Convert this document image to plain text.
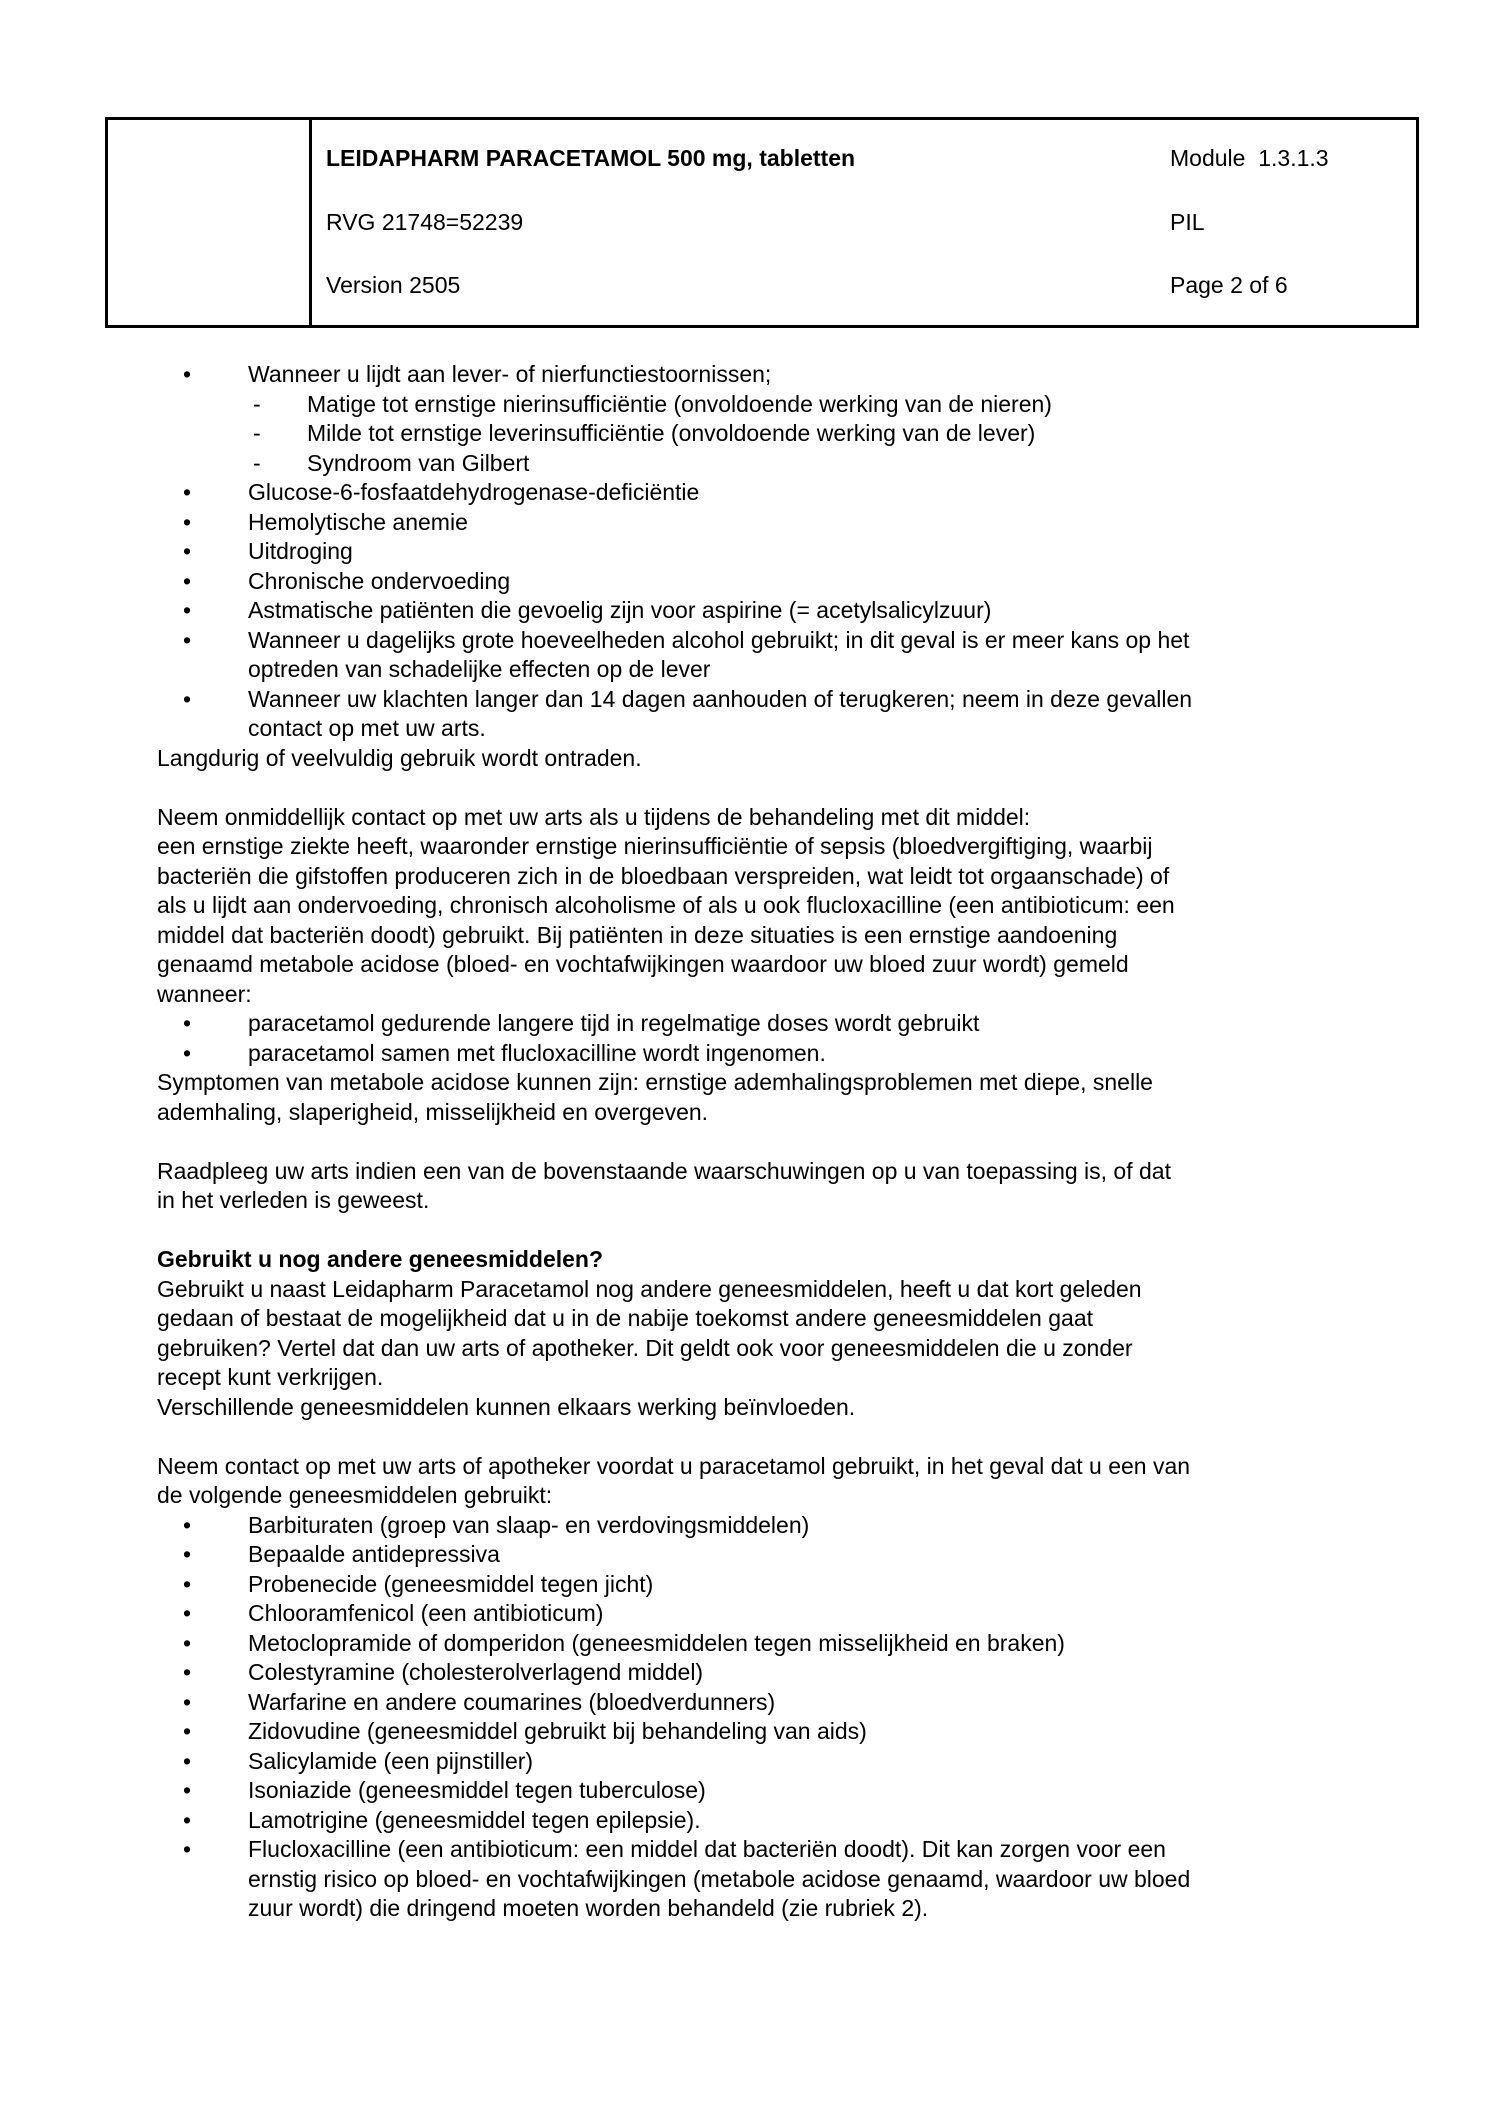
LEIDAPHARM PARACETAMOL 500 mg, tabletten	Module  1.3.1.3
RVG 21748=52239	PIL
Version 2505	Page 2 of 6
• Wanneer u lijdt aan lever- of nierfunctiestoornissen;
- Matige tot ernstige nierinsufficiëntie (onvoldoende werking van de nieren)
- Milde tot ernstige leverinsufficiëntie (onvoldoende werking van de lever)
- Syndroom van Gilbert
• Glucose-6-fosfaatdehydrogenase-deficiëntie
• Hemolytische anemie
• Uitdroging
• Chronische ondervoeding
• Astmatische patiënten die gevoelig zijn voor aspirine (= acetylsalicylzuur)
• Wanneer u dagelijks grote hoeveelheden alcohol gebruikt; in dit geval is er meer kans op het
optreden van schadelijke effecten op de lever
• Wanneer uw klachten langer dan 14 dagen aanhouden of terugkeren; neem in deze gevallen
contact op met uw arts.
Langdurig of veelvuldig gebruik wordt ontraden.
Neem onmiddellijk contact op met uw arts als u tijdens de behandeling met dit middel:
een ernstige ziekte heeft, waaronder ernstige nierinsufficiëntie of sepsis (bloedvergiftiging, waarbij
bacteriën die gifstoffen produceren zich in de bloedbaan verspreiden, wat leidt tot orgaanschade) of
als u lijdt aan ondervoeding, chronisch alcoholisme of als u ook flucloxacilline (een antibioticum: een
middel dat bacteriën doodt) gebruikt. Bij patiënten in deze situaties is een ernstige aandoening
genaamd metabole acidose (bloed- en vochtafwijkingen waardoor uw bloed zuur wordt) gemeld
wanneer:
• paracetamol gedurende langere tijd in regelmatige doses wordt gebruikt
• paracetamol samen met flucloxacilline wordt ingenomen.
Symptomen van metabole acidose kunnen zijn: ernstige ademhalingsproblemen met diepe, snelle
ademhaling, slaperigheid, misselijkheid en overgeven.
Raadpleeg uw arts indien een van de bovenstaande waarschuwingen op u van toepassing is, of dat
in het verleden is geweest.
Gebruikt u nog andere geneesmiddelen?
Gebruikt u naast Leidapharm Paracetamol nog andere geneesmiddelen, heeft u dat kort geleden
gedaan of bestaat de mogelijkheid dat u in de nabije toekomst andere geneesmiddelen gaat
gebruiken? Vertel dat dan uw arts of apotheker. Dit geldt ook voor geneesmiddelen die u zonder
recept kunt verkrijgen.
Verschillende geneesmiddelen kunnen elkaars werking beïnvloeden.
Neem contact op met uw arts of apotheker voordat u paracetamol gebruikt, in het geval dat u een van
de volgende geneesmiddelen gebruikt:
• Barbituraten (groep van slaap- en verdovingsmiddelen)
• Bepaalde antidepressiva
• Probenecide (geneesmiddel tegen jicht)
• Chlooramfenicol (een antibioticum)
• Metoclopramide of domperidon (geneesmiddelen tegen misselijkheid en braken)
• Colestyramine (cholesterolverlagend middel)
• Warfarine en andere coumarines (bloedverdunners)
• Zidovudine (geneesmiddel gebruikt bij behandeling van aids)
• Salicylamide (een pijnstiller)
• Isoniazide (geneesmiddel tegen tuberculose)
• Lamotrigine (geneesmiddel tegen epilepsie).
• Flucloxacilline (een antibioticum: een middel dat bacteriën doodt). Dit kan zorgen voor een
ernstig risico op bloed- en vochtafwijkingen (metabole acidose genaamd, waardoor uw bloed
zuur wordt) die dringend moeten worden behandeld (zie rubriek 2).
